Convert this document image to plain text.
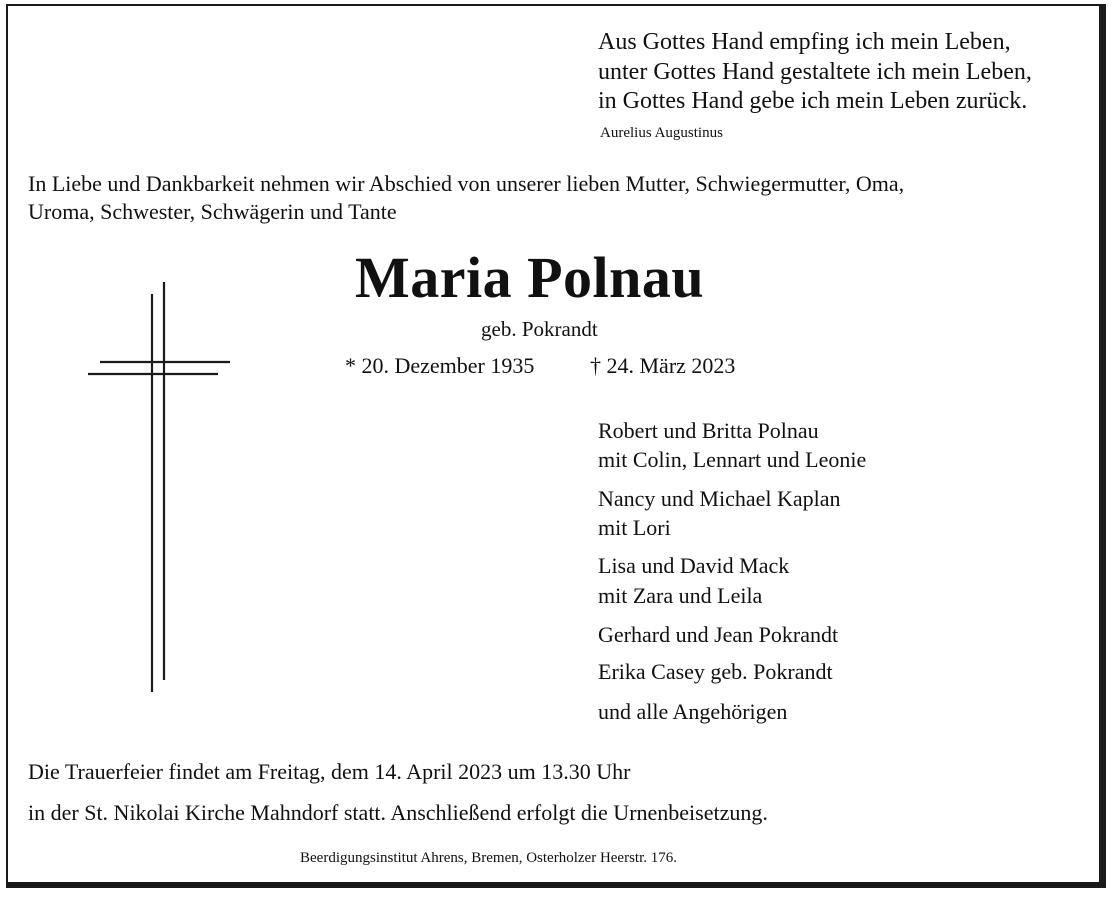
Aus Gottes Hand empfing ich mein Leben,
unter Gottes Hand gestaltete ich mein Leben,
in Gottes Hand gebe ich mein Leben zurück.
Aurelius Augustinus
In Liebe und Dankbarkeit nehmen wir Abschied von unserer lieben Mutter, Schwiegermutter, Oma,
Uroma, Schwester, Schwägerin und Tante
Maria Polnau
geb. Pokrandt
* 20. Dezember 1935	† 24. März 2023
Robert und Britta Polnau
mit Colin, Lennart und Leonie
Nancy und Michael Kaplan
mit Lori
Lisa und David Mack
mit Zara und Leila
Gerhard und Jean Pokrandt
Erika Casey geb. Pokrandt
und alle Angehörigen
Die Trauerfeier findet am Freitag, dem 14. April 2023 um 13.30 Uhr
in der St. Nikolai Kirche Mahndorf statt. Anschließend erfolgt die Urnenbeisetzung.
Beerdigungsinstitut Ahrens, Bremen, Osterholzer Heerstr. 176.
